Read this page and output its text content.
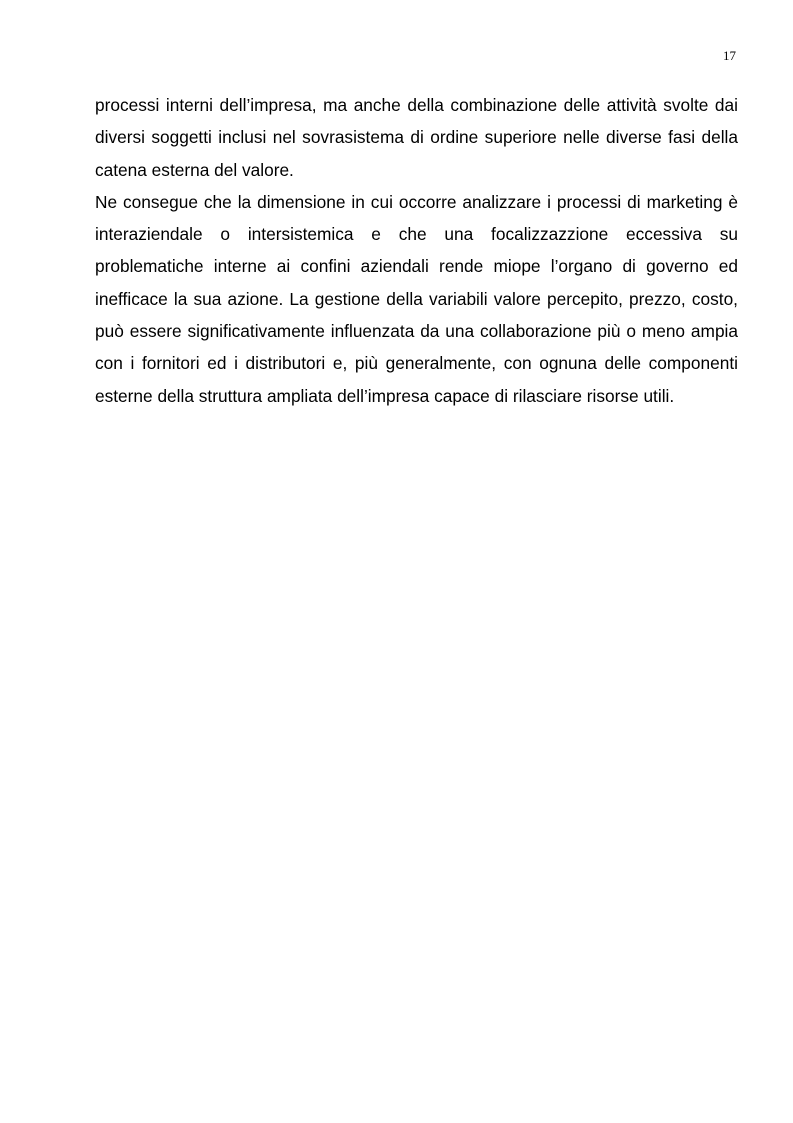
17

processi interni dell’impresa, ma anche della combinazione delle attività svolte dai diversi soggetti inclusi nel sovrasistema di ordine superiore nelle diverse fasi della catena esterna del valore.

Ne consegue che la dimensione in cui occorre analizzare i processi di marketing è interaziendale o intersistemica e che una focalizzazzione eccessiva su problematiche interne ai confini aziendali rende miope l’organo di governo ed inefficace la sua azione. La gestione della variabili valore percepito, prezzo, costo, può essere significativamente influenzata da una collaborazione più o meno ampia con i fornitori ed i distributori e, più generalmente, con ognuna delle componenti esterne della struttura ampliata dell’impresa capace di rilasciare risorse utili.
